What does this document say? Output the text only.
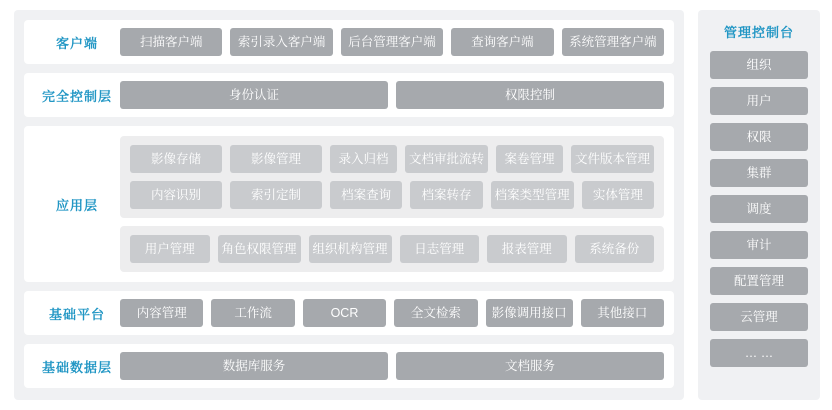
客户端	扫描客户端	索引录入客户端	后台管理客户端	查询客户端	系统管理客户端
完全控制层	身份认证	权限控制
应用层
影像存储	影像管理
内容识别	索引定制
录入归档	文档审批流转	案卷管理	文件版本管理
档案查询	档案转存	档案类型管理	实体管理
用户管理	角色权限管理	组织机构管理	日志管理	报表管理	系统备份
基础平台	内容管理	工作流	OCR	全文检索	影像调用接口	其他接口
基础数据层	数据库服务	文档服务
管理控制台
组织
用户
权限
集群
调度
审计
配置管理
云管理
… …
